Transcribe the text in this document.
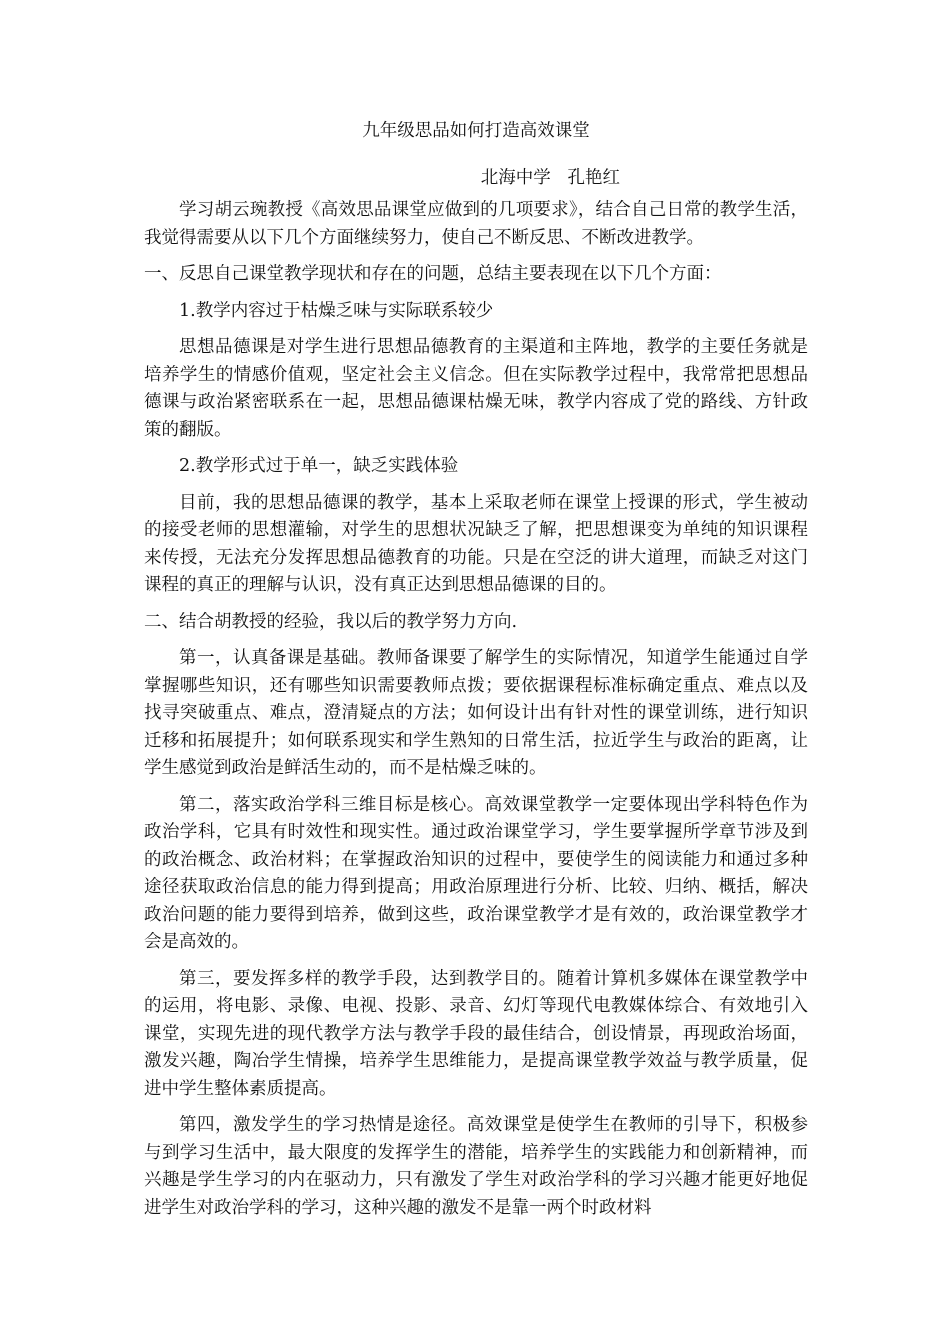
九年级思品如何打造高效课堂
北海中学   孔艳红

学习胡云琬教授《高效思品课堂应做到的几项要求》，结合自己日常的教学生活，我觉得需要从以下几个方面继续努力，使自己不断反思、不断改进教学。

一、反思自己课堂教学现状和存在的问题，总结主要表现在以下几个方面：

1.教学内容过于枯燥乏味与实际联系较少

思想品德课是对学生进行思想品德教育的主渠道和主阵地，教学的主要任务就是培养学生的情感价值观，坚定社会主义信念。但在实际教学过程中，我常常把思想品德课与政治紧密联系在一起，思想品德课枯燥无味，教学内容成了党的路线、方针政策的翻版。

2.教学形式过于单一，缺乏实践体验

目前，我的思想品德课的教学，基本上采取老师在课堂上授课的形式，学生被动的接受老师的思想灌输，对学生的思想状况缺乏了解，把思想课变为单纯的知识课程来传授，无法充分发挥思想品德教育的功能。只是在空泛的讲大道理，而缺乏对这门课程的真正的理解与认识，没有真正达到思想品德课的目的。

二、结合胡教授的经验，我以后的教学努力方向.

第一，认真备课是基础。教师备课要了解学生的实际情况，知道学生能通过自学掌握哪些知识，还有哪些知识需要教师点拨；要依据课程标准标确定重点、难点以及找寻突破重点、难点，澄清疑点的方法；如何设计出有针对性的课堂训练，进行知识迁移和拓展提升；如何联系现实和学生熟知的日常生活，拉近学生与政治的距离，让学生感觉到政治是鲜活生动的，而不是枯燥乏味的。

第二，落实政治学科三维目标是核心。高效课堂教学一定要体现出学科特色作为政治学科，它具有时效性和现实性。通过政治课堂学习，学生要掌握所学章节涉及到的政治概念、政治材料；在掌握政治知识的过程中，要使学生的阅读能力和通过多种途径获取政治信息的能力得到提高；用政治原理进行分析、比较、归纳、概括，解决政治问题的能力要得到培养，做到这些，政治课堂教学才是有效的，政治课堂教学才会是高效的。

第三，要发挥多样的教学手段，达到教学目的。随着计算机多媒体在课堂教学中的运用，将电影、录像、电视、投影、录音、幻灯等现代电教媒体综合、有效地引入课堂，实现先进的现代教学方法与教学手段的最佳结合，创设情景，再现政治场面，激发兴趣，陶冶学生情操，培养学生思维能力，是提高课堂教学效益与教学质量，促进中学生整体素质提高。

第四，激发学生的学习热情是途径。高效课堂是使学生在教师的引导下，积极参与到学习生活中，最大限度的发挥学生的潜能，培养学生的实践能力和创新精神，而兴趣是学生学习的内在驱动力，只有激发了学生对政治学科的学习兴趣才能更好地促进学生对政治学科的学习，这种兴趣的激发不是靠一两个时政材料
